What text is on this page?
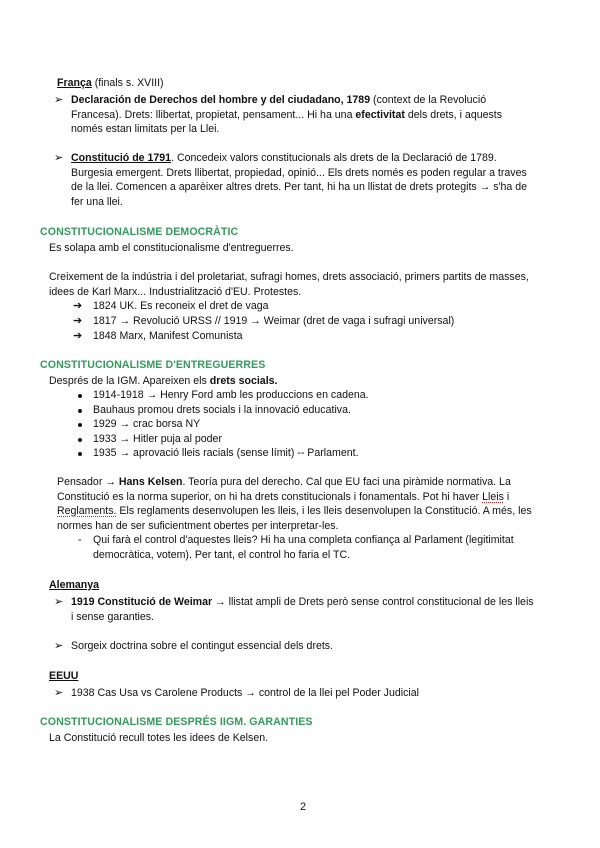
França (finals s. XVIII)
➢ Declaración de Derechos del hombre y del ciudadano, 1789 (context de la Revolució
Francesa). Drets: llibertat, propietat, pensament... Hi ha una efectivitat dels drets, i aquests
només estan limitats per la Llei.
➢ Constitució de 1791. Concedeix valors constitucionals als drets de la Declaració de 1789.
Burgesia emergent. Drets llibertat, propiedad, opinió... Els drets només es poden regular a traves
de la llei. Comencen a aparèixer altres drets. Per tant, hi ha un llistat de drets protegits → s'ha de
fer una llei.
CONSTITUCIONALISME DEMOCRÀTIC
Es solapa amb el constitucionalisme d'entreguerres.
Creixement de la indústria i del proletariat, sufragi homes, drets associació, primers partits de masses,
idees de Karl Marx... Industrialització d'EU. Protestes.
➔	1824 UK. Es reconeix el dret de vaga
➔	1817 → Revolució URSS // 1919 → Weimar (dret de vaga i sufragi universal)
➔	1848 Marx, Manifest Comunista
CONSTITUCIONALISME D'ENTREGUERRES
Després de la IGM. Apareixen els drets socials.
1914-1918 → Henry Ford amb les produccions en cadena.
Bauhaus promou drets socials i la innovació educativa.
1929 → crac borsa NY
1933 → Hitler puja al poder
1935 → aprovació lleis racials (sense límit) -- Parlament.
Pensador → Hans Kelsen. Teoría pura del derecho. Cal que EU faci una piràmide normativa. La
Constitució es la norma superior, on hi ha drets constitucionals i fonamentals. Pot hi haver Lleis i
Reglaments. Els reglaments desenvolupen les lleis, i les lleis desenvolupen la Constitució. A més, les
normes han de ser suficientment obertes per interpretar-les.
- Qui farà el control d'aquestes lleis? Hi ha una completa confiança al Parlament (legitimitat
democràtica, votem). Per tant, el control ho faria el TC.
Alemanya
➢ 1919 Constitució de Weimar → llistat ampli de Drets però sense control constitucional de les lleis
i sense garanties.
➢ Sorgeix doctrina sobre el contingut essencial dels drets.
EEUU
➢ 1938 Cas Usa vs Carolene Products → control de la llei pel Poder Judicial
CONSTITUCIONALISME DESPRÉS IIGM. GARANTIES
La Constitució recull totes les idees de Kelsen.
2
